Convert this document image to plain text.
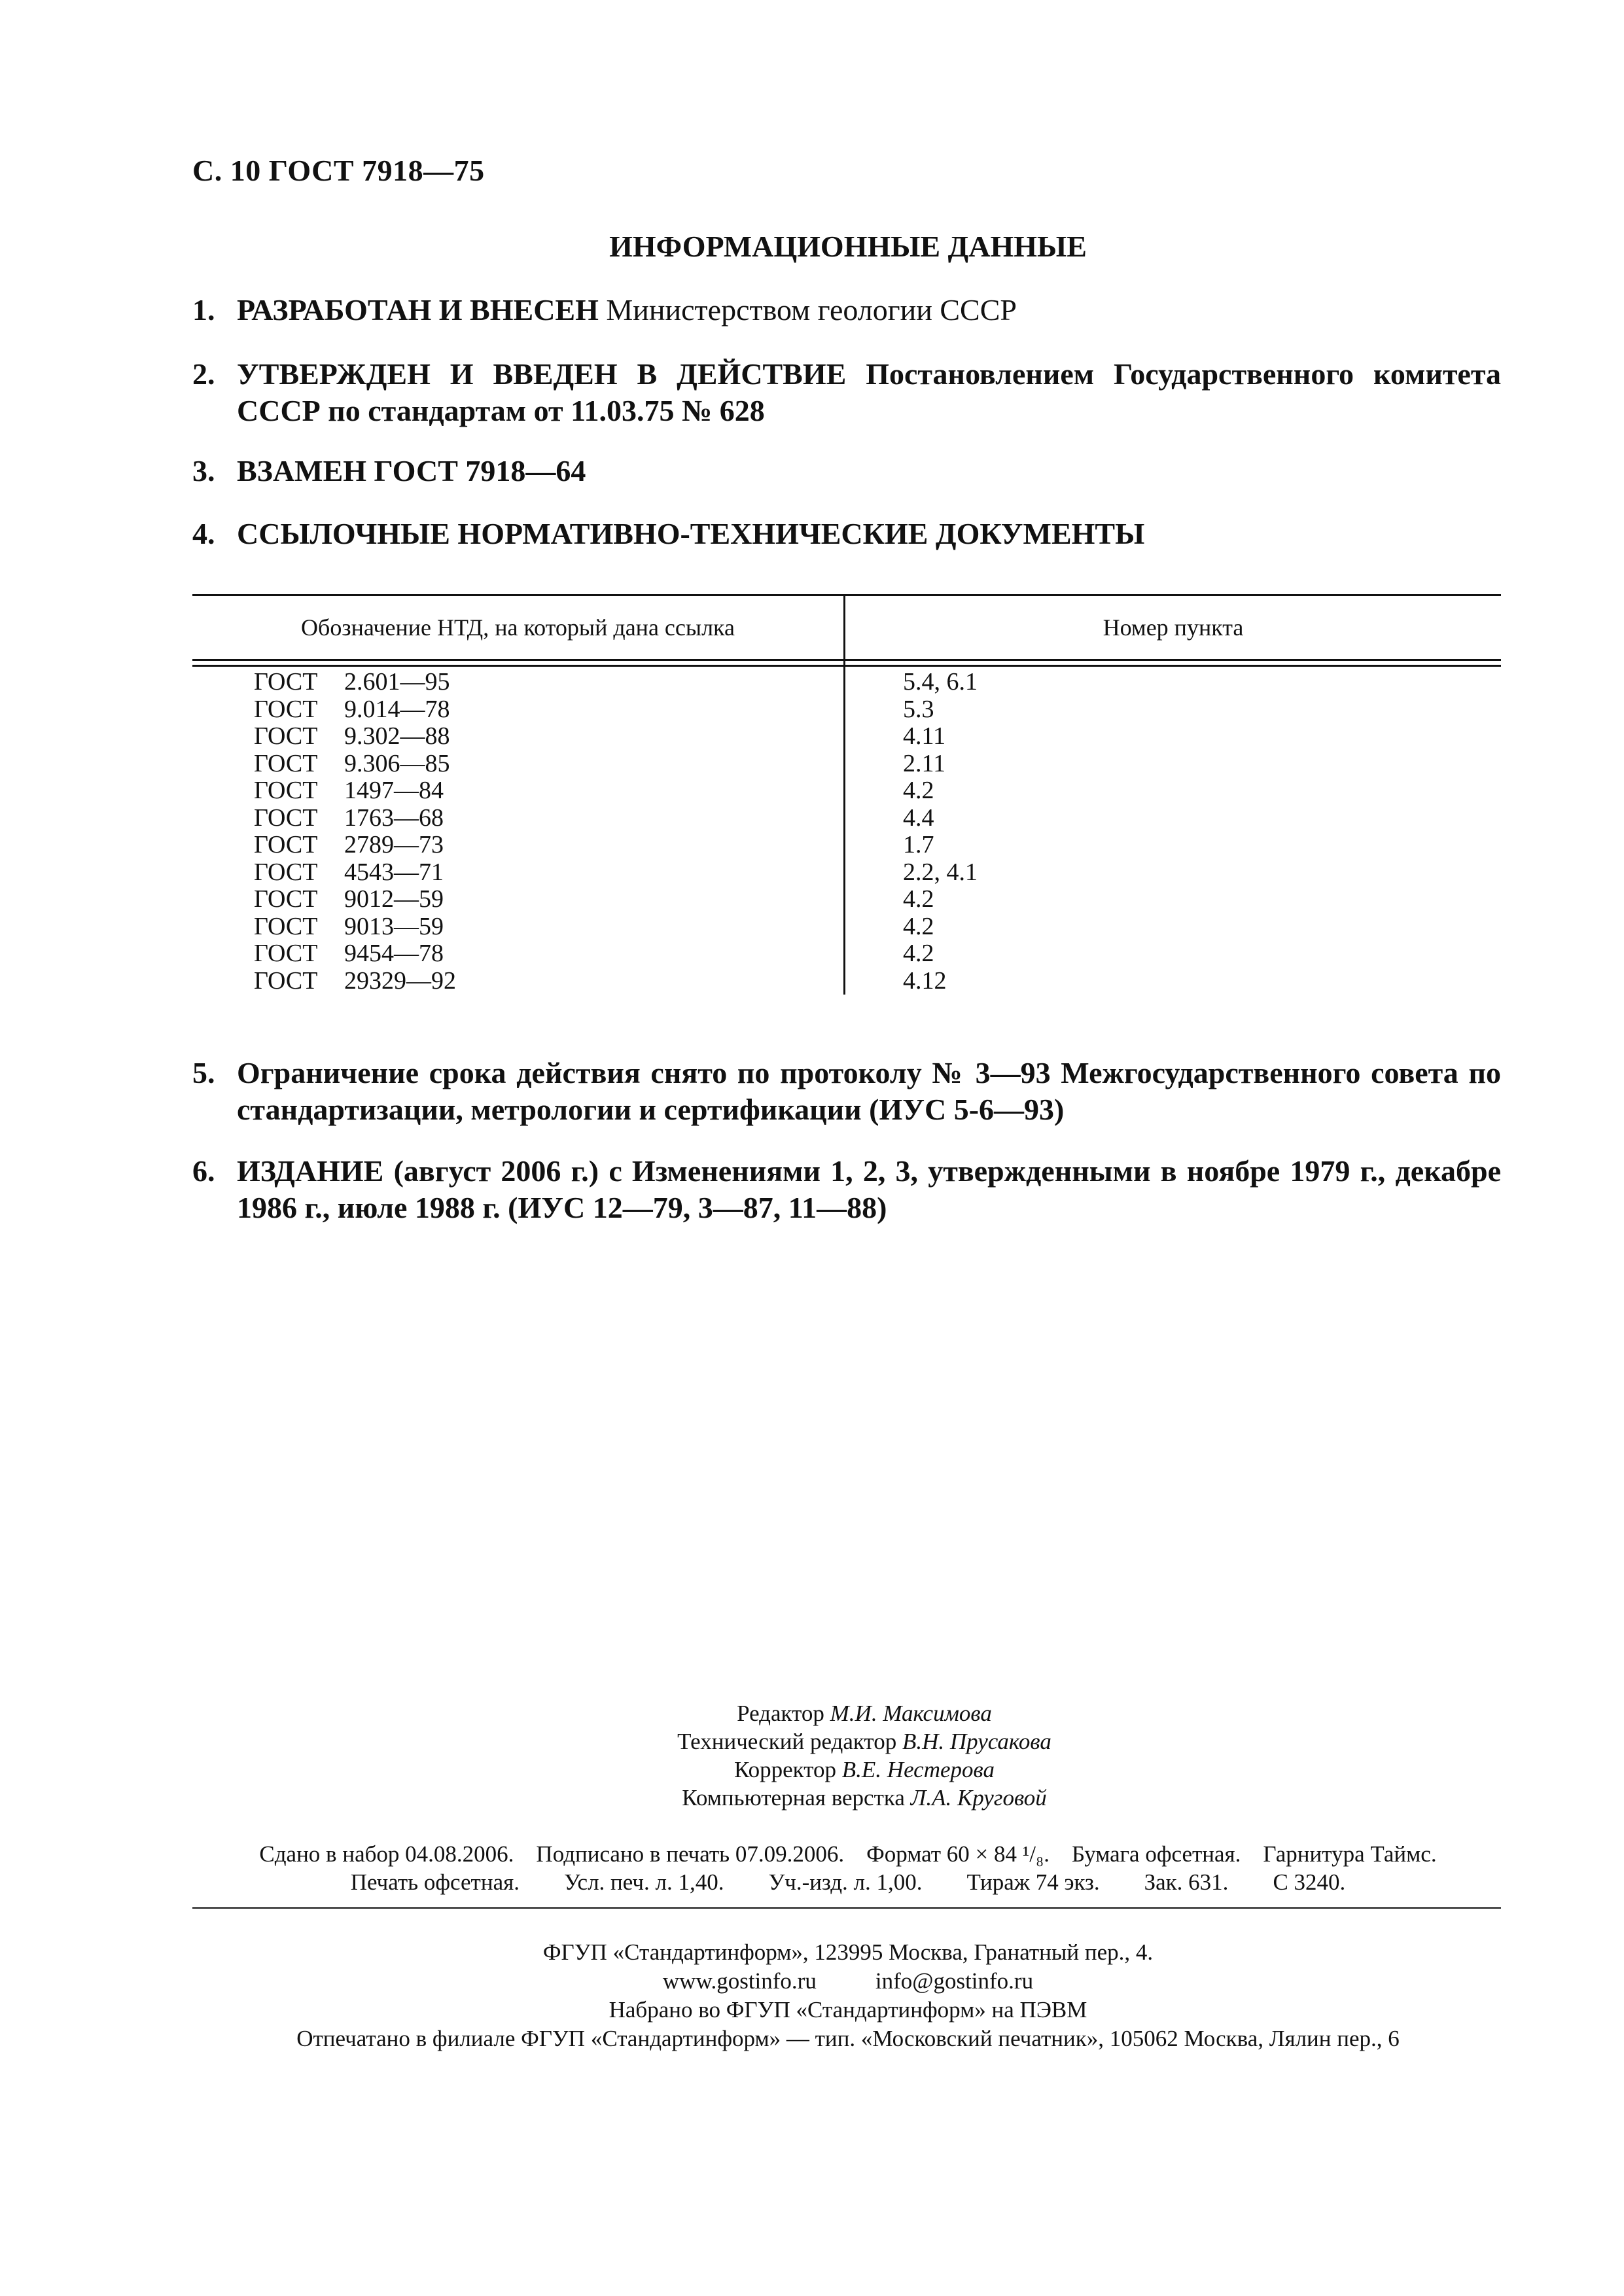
С. 10 ГОСТ 7918—75
ИНФОРМАЦИОННЫЕ ДАННЫЕ
1. РАЗРАБОТАН И ВНЕСЕН Министерством геологии СССР
2. УТВЕРЖДЕН И ВВЕДЕН В ДЕЙСТВИЕ Постановлением Государственного комитета СССР по стандартам от 11.03.75 № 628
3. ВЗАМЕН ГОСТ 7918—64
4. ССЫЛОЧНЫЕ НОРМАТИВНО-ТЕХНИЧЕСКИЕ ДОКУМЕНТЫ
Обозначение НТД, на который дана ссылка	Номер пункта
ГОСТ 2.601—95	5.4, 6.1
ГОСТ 9.014—78	5.3
ГОСТ 9.302—88	4.11
ГОСТ 9.306—85	2.11
ГОСТ 1497—84	4.2
ГОСТ 1763—68	4.4
ГОСТ 2789—73	1.7
ГОСТ 4543—71	2.2, 4.1
ГОСТ 9012—59	4.2
ГОСТ 9013—59	4.2
ГОСТ 9454—78	4.2
ГОСТ 29329—92	4.12
5. Ограничение срока действия снято по протоколу № 3—93 Межгосударственного совета по стандартизации, метрологии и сертификации (ИУС 5-6—93)
6. ИЗДАНИЕ (август 2006 г.) с Изменениями 1, 2, 3, утвержденными в ноябре 1979 г., декабре 1986 г., июле 1988 г. (ИУС 12—79, 3—87, 11—88)
Редактор М.И. Максимова
Технический редактор В.Н. Прусакова
Корректор В.Е. Нестерова
Компьютерная верстка Л.А. Круговой
Сдано в набор 04.08.2006. Подписано в печать 07.09.2006. Формат 60 × 84 ¹/₈. Бумага офсетная. Гарнитура Таймс.
Печать офсетная. Усл. печ. л. 1,40. Уч.-изд. л. 1,00. Тираж 74 экз. Зак. 631. С 3240.
ФГУП «Стандартинформ», 123995 Москва, Гранатный пер., 4.
www.gostinfo.ru	info@gostinfo.ru
Набрано во ФГУП «Стандартинформ» на ПЭВМ
Отпечатано в филиале ФГУП «Стандартинформ» — тип. «Московский печатник», 105062 Москва, Лялин пер., 6
